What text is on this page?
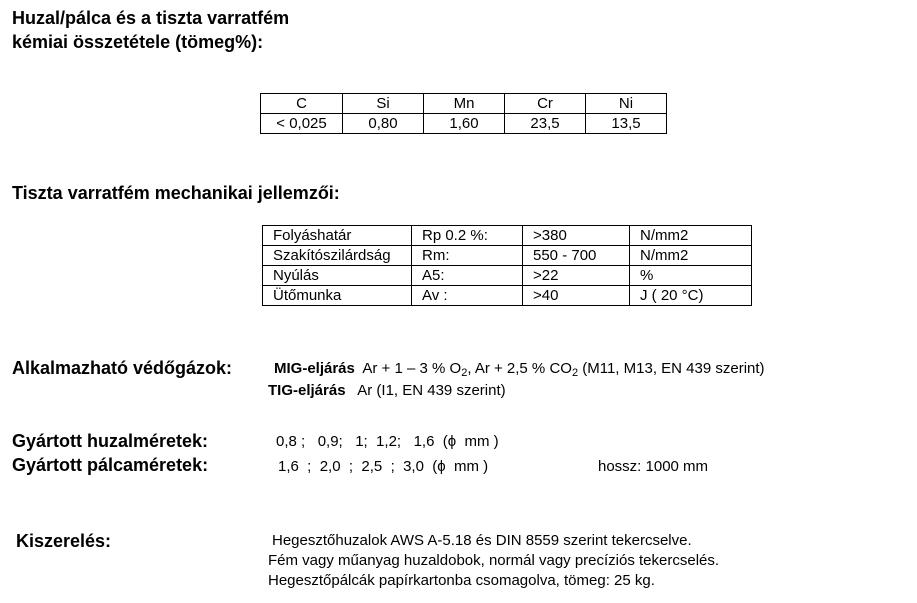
Huzal/pálca és a tiszta varratfém
kémiai összetétele (tömeg%):
C	Si	Mn	Cr	Ni
< 0,025	0,80	1,60	23,5	13,5
Tiszta varratfém mechanikai jellemzői:
Folyáshatár	Rp 0.2 %:	>380	N/mm2
Szakítószilárdság	Rm:	550 - 700	N/mm2
Nyúlás	A5:	>22	%
Ütőmunka	Av :	>40	J ( 20 °C)
Alkalmazható védőgázok:	MIG-eljárás Ar + 1 – 3 % $O_2$, Ar + 2,5 % $CO_2$ (M11, M13, EN 439 szerint)
TIG-eljárás Ar (I1, EN 439 szerint)
Gyártott huzalméretek:	0,8 ;   0,9;   1;  1,2;   1,6  (ϕ  mm )
Gyártott pálcaméretek:	1,6  ;  2,0  ;  2,5  ;  3,0  (ϕ  mm )	hossz: 1000 mm
Kiszerelés:	Hegesztőhuzalok AWS A-5.18 és DIN 8559 szerint tekercselve.
Fém vagy műanyag huzaldobok, normál vagy precíziós tekercselés.
Hegesztőpálcák papírkartonba csomagolva, tömeg: 25 kg.
